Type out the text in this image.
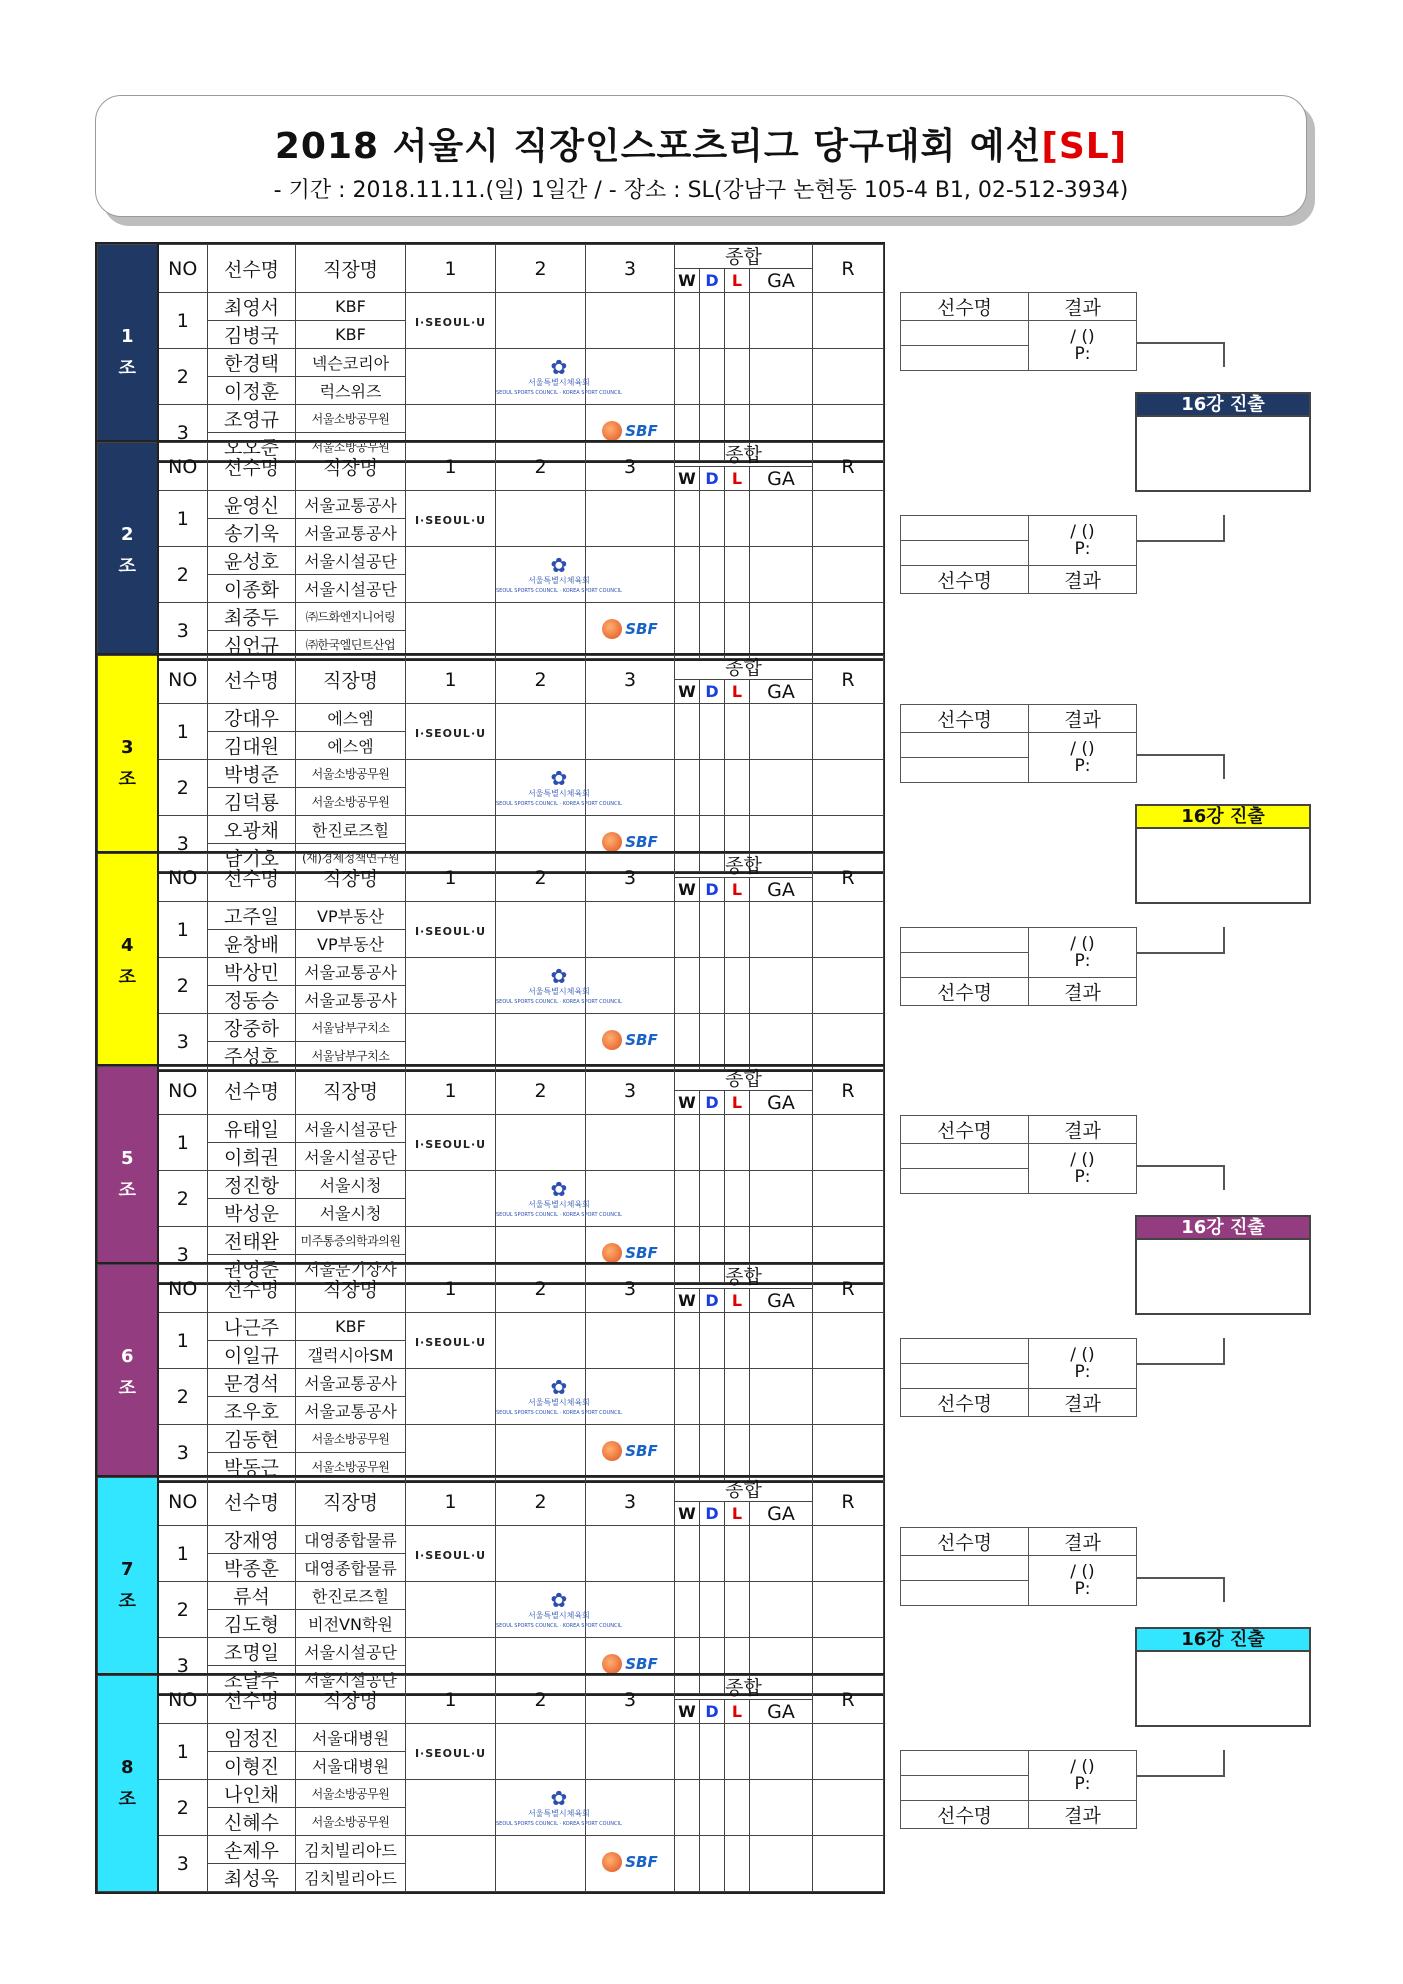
2018 서울시 직장인스포츠리그 당구대회 예선[SL]
- 기간 : 2018.11.11.(일) 1일간 / - 장소 : SL(강남구 논현동 105-4 B1, 02-512-3934)
1
조	NO	선수명	직장명	1	2	3	종합				R
							W	D	L	GA	
	1	최영서	KBF	I·SEOUL·U							
		김병국	KBF								
	2	한경택	넥슨코리아		✿
서울특별시체육회
SEOUL SPORTS COUNCIL · KOREA SPORT COUNCIL						

		이정훈	럭스위즈								
	3	조영규	서울소방공무원			SBF					

		오오준	서울소방공무원								
2
조	NO	선수명	직장명	1	2	3	종합				R
							W	D	L	GA	
	1	윤영신	서울교통공사	I·SEOUL·U							
		송기욱	서울교통공사								
	2	윤성호	서울시설공단		✿
서울특별시체육회
SEOUL SPORTS COUNCIL · KOREA SPORT COUNCIL						

		이종화	서울시설공단								
	3	최중두	㈜드화엔지니어링			SBF					

		심언규	㈜한국엘딘트산업								
3
조	NO	선수명	직장명	1	2	3	종합				R
							W	D	L	GA	
	1	강대우	에스엠	I·SEOUL·U							
		김대원	에스엠								
	2	박병준	서울소방공무원		✿
서울특별시체육회
SEOUL SPORTS COUNCIL · KOREA SPORT COUNCIL						

		김덕룡	서울소방공무원								
	3	오광채	한진로즈힐			SBF					

		남기호	(재)경제정책연구원								
4
조	NO	선수명	직장명	1	2	3	종합				R
							W	D	L	GA	
	1	고주일	VP부동산	I·SEOUL·U							
		윤창배	VP부동산								
	2	박상민	서울교통공사		✿
서울특별시체육회
SEOUL SPORTS COUNCIL · KOREA SPORT COUNCIL						

		정동승	서울교통공사								
	3	장중하	서울남부구치소			SBF					

		주성호	서울남부구치소								
5
조	NO	선수명	직장명	1	2	3	종합				R
							W	D	L	GA	
	1	유태일	서울시설공단	I·SEOUL·U							
		이희권	서울시설공단								
	2	정진항	서울시청		✿
서울특별시체육회
SEOUL SPORTS COUNCIL · KOREA SPORT COUNCIL						

		박성운	서울시청								
	3	전태완	미주통증의학과의원			SBF					

		권영준	서울문기상사								
6
조	NO	선수명	직장명	1	2	3	종합				R
							W	D	L	GA	
	1	나근주	KBF	I·SEOUL·U							
		이일규	갤럭시아SM								
	2	문경석	서울교통공사		✿
서울특별시체육회
SEOUL SPORTS COUNCIL · KOREA SPORT COUNCIL						

		조우호	서울교통공사								
	3	김동현	서울소방공무원			SBF					

		박동근	서울소방공무원								
7
조	NO	선수명	직장명	1	2	3	종합				R
							W	D	L	GA	
	1	장재영	대영종합물류	I·SEOUL·U							
		박종훈	대영종합물류								
	2	류석	한진로즈힐		✿
서울특별시체육회
SEOUL SPORTS COUNCIL · KOREA SPORT COUNCIL						

		김도형	비전VN학원								
	3	조명일	서울시설공단			SBF					

		조달주	서울시설공단								
8
조	NO	선수명	직장명	1	2	3	종합				R
							W	D	L	GA	
	1	임정진	서울대병원	I·SEOUL·U							
		이형진	서울대병원								
	2	나인채	서울소방공무원		✿
서울특별시체육회
SEOUL SPORTS COUNCIL · KOREA SPORT COUNCIL						

		신혜수	서울소방공무원								
	3	손제우	김치빌리아드			SBF					

		최성욱	김치빌리아드								
선수명	결과

	/ ()
P:

	/ ()
P:

선수명	결과
16강 진출
선수명	결과

	/ ()
P:

	/ ()
P:

선수명	결과
16강 진출
선수명	결과

	/ ()
P:

	/ ()
P:

선수명	결과
16강 진출
선수명	결과

	/ ()
P:

	/ ()
P:

선수명	결과
16강 진출
